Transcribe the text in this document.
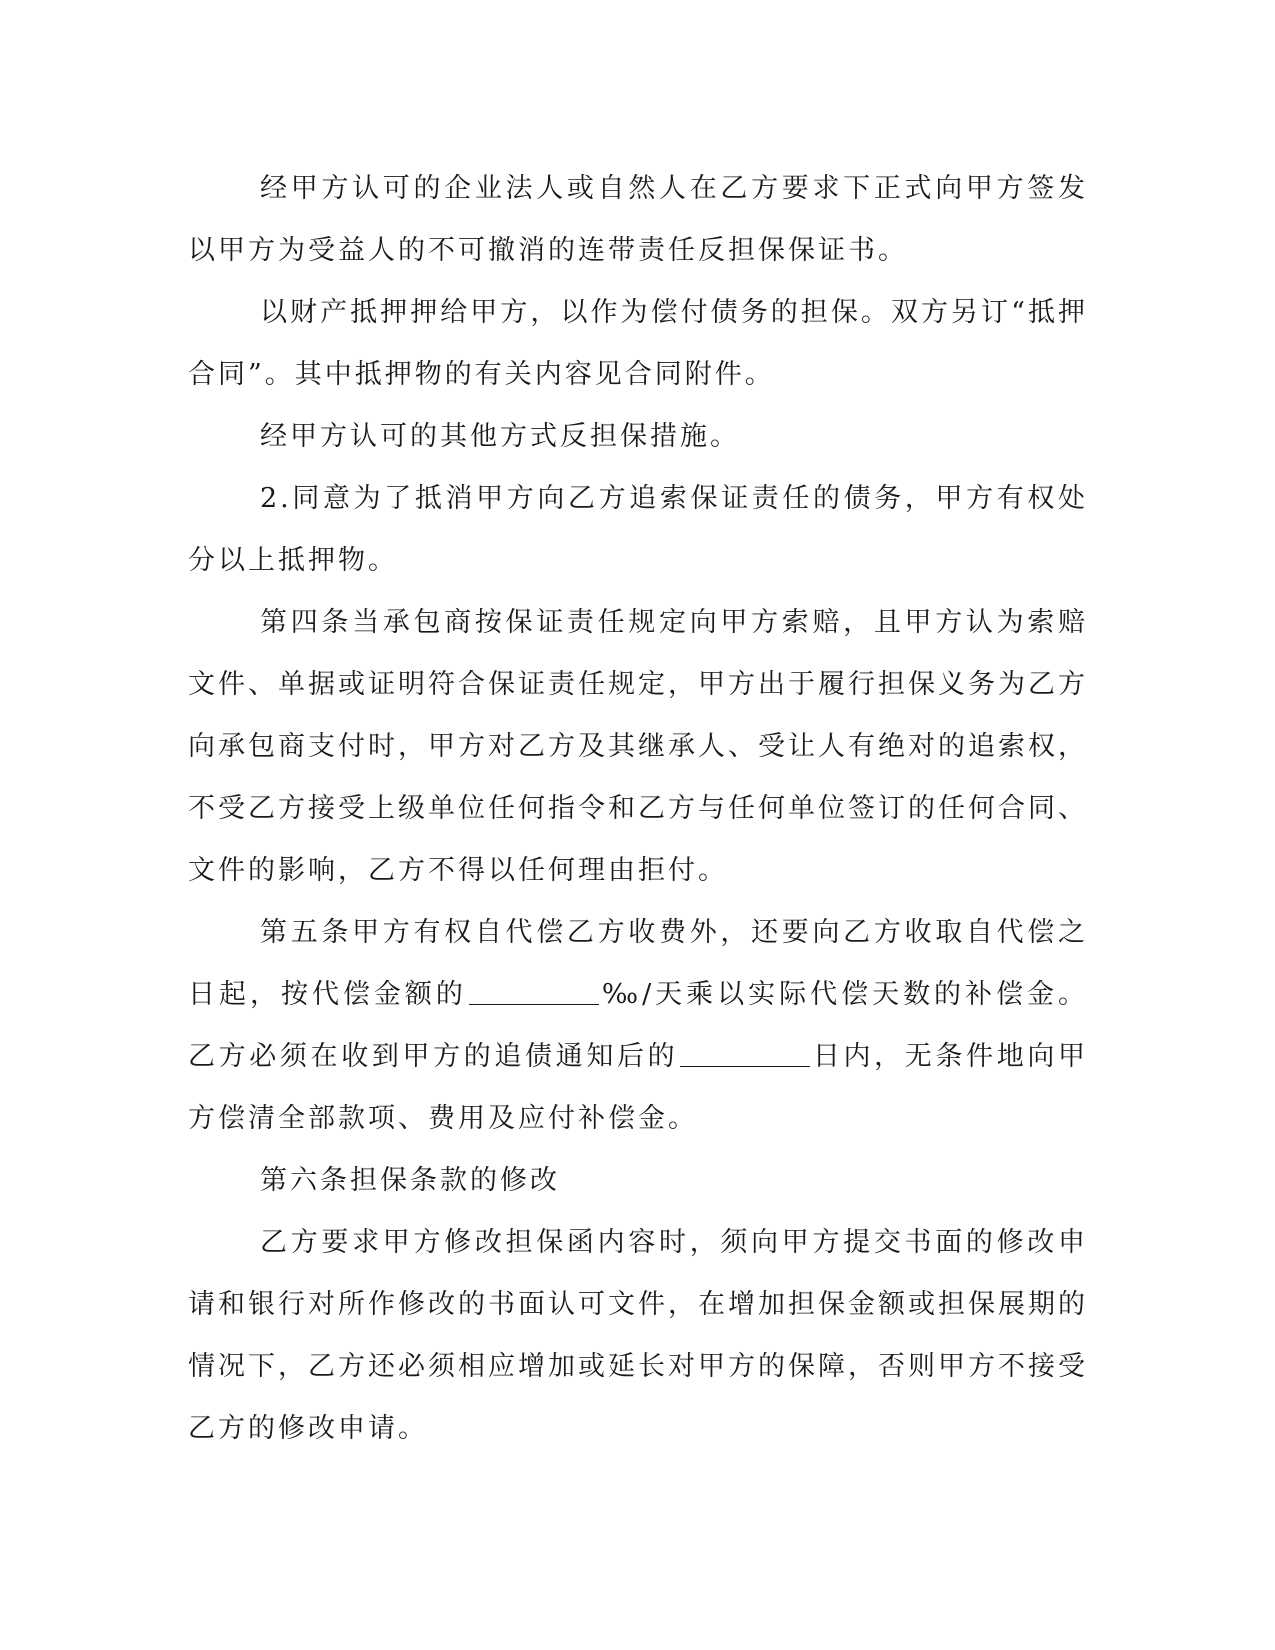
经甲方认可的企业法人或自然人在乙方要求下正式向甲方签发以甲方为受益人的不可撤消的连带责任反担保保证书。

以财产抵押押给甲方，以作为偿付债务的担保。双方另订“抵押合同”。其中抵押物的有关内容见合同附件。

经甲方认可的其他方式反担保措施。

2.同意为了抵消甲方向乙方追索保证责任的债务，甲方有权处分以上抵押物。

第四条当承包商按保证责任规定向甲方索赔，且甲方认为索赔文件、单据或证明符合保证责任规定，甲方出于履行担保义务为乙方向承包商支付时，甲方对乙方及其继承人、受让人有绝对的追索权，不受乙方接受上级单位任何指令和乙方与任何单位签订的任何合同、文件的影响，乙方不得以任何理由拒付。

第五条甲方有权自代偿乙方收费外，还要向乙方收取自代偿之日起，按代偿金额的	‰/天乘以实际代偿天数的补偿金。乙方必须在收到甲方的追债通知后的	日内，无条件地向甲方偿清全部款项、费用及应付补偿金。

第六条担保条款的修改

乙方要求甲方修改担保函内容时，须向甲方提交书面的修改申请和银行对所作修改的书面认可文件，在增加担保金额或担保展期的情况下，乙方还必须相应增加或延长对甲方的保障，否则甲方不接受乙方的修改申请。
